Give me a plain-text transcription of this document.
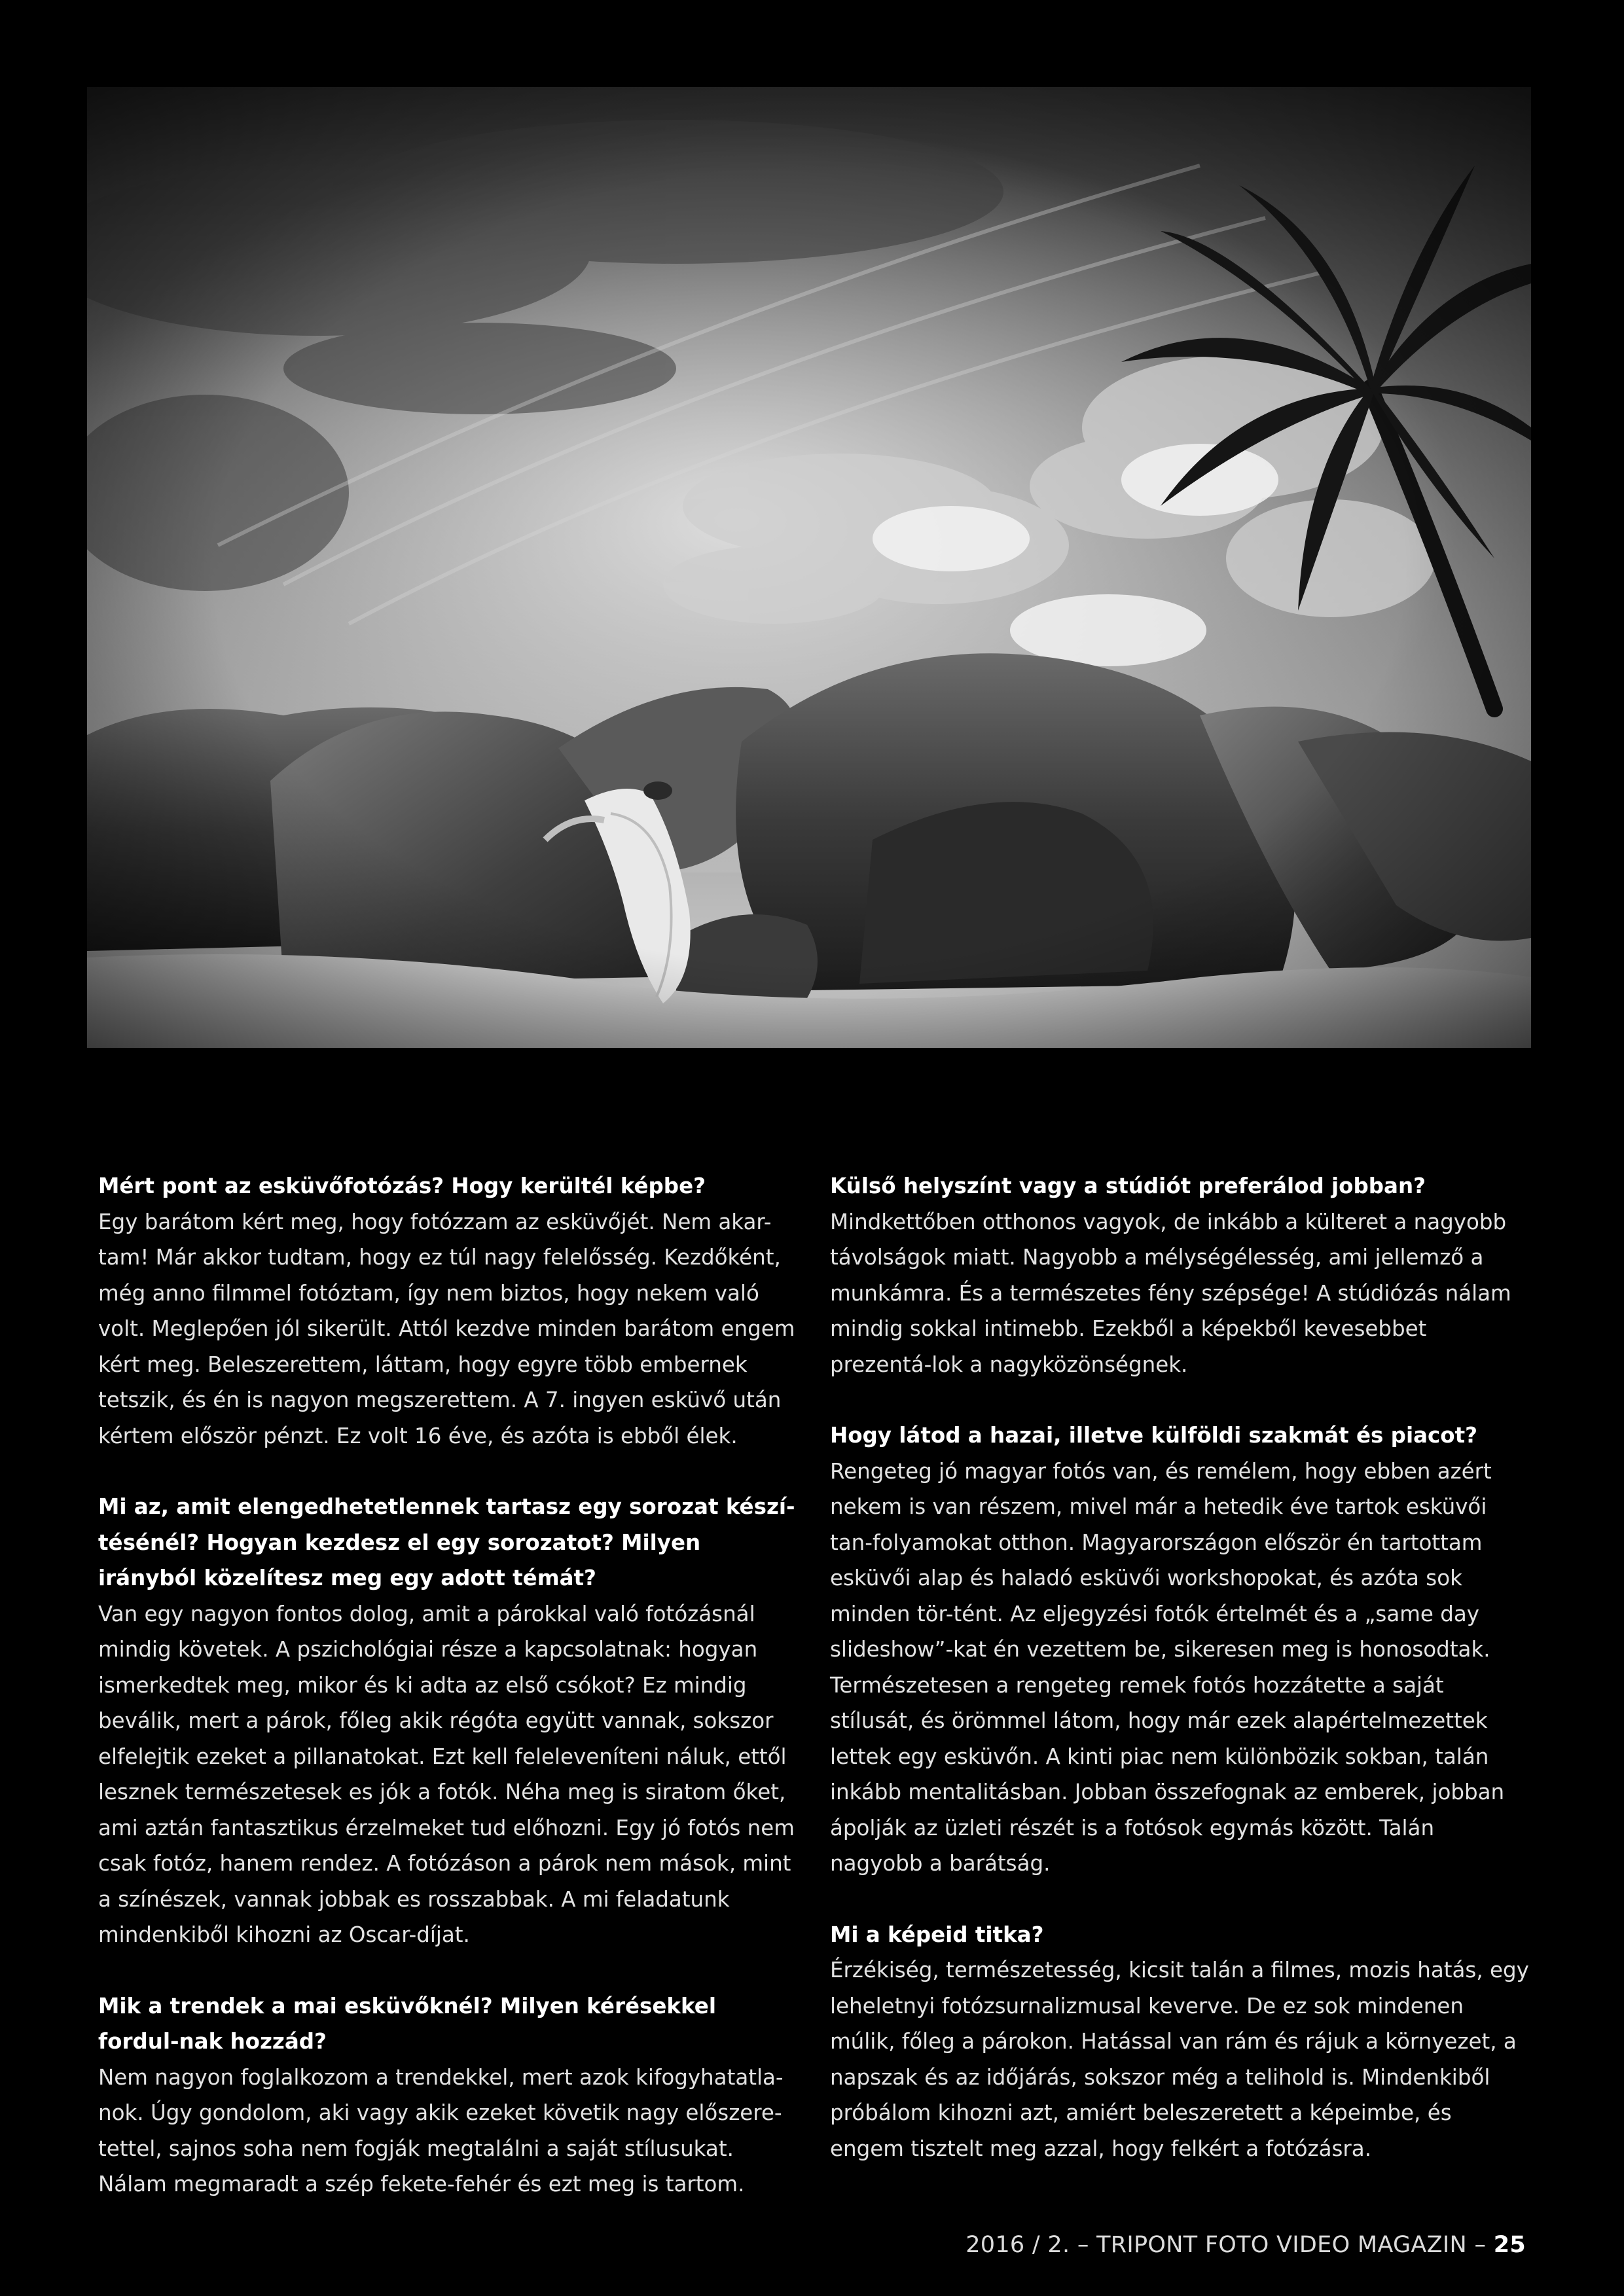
Mért pont az esküvőfotózás? Hogy kerültél képbe?

Egy barátom kért meg, hogy fotózzam az esküvőjét. Nem akar-tam! Már akkor tudtam, hogy ez túl nagy felelősség. Kezdőként, még anno filmmel fotóztam, így nem biztos, hogy nekem való volt. Meglepően jól sikerült. Attól kezdve minden barátom engem kért meg. Beleszerettem, láttam, hogy egyre több embernek tetszik, és én is nagyon megszerettem. A 7. ingyen esküvő után kértem először pénzt. Ez volt 16 éve, és azóta is ebből élek.

Mi az, amit elengedhetetlennek tartasz egy sorozat készí-tésénél? Hogyan kezdesz el egy sorozatot? Milyen irányból közelítesz meg egy adott témát?

Van egy nagyon fontos dolog, amit a párokkal való fotózásnál mindig követek. A pszichológiai része a kapcsolatnak: hogyan ismerkedtek meg, mikor és ki adta az első csókot? Ez mindig beválik, mert a párok, főleg akik régóta együtt vannak, sokszor elfelejtik ezeket a pillanatokat. Ezt kell feleleveníteni náluk, ettől lesznek természetesek es jók a fotók. Néha meg is siratom őket, ami aztán fantasztikus érzelmeket tud előhozni. Egy jó fotós nem csak fotóz, hanem rendez. A fotózáson a párok nem mások, mint a színészek, vannak jobbak es rosszabbak. A mi feladatunk mindenkiből kihozni az Oscar-díjat.

Mik a trendek a mai esküvőknél? Milyen kérésekkel fordul-nak hozzád?

Nem nagyon foglalkozom a trendekkel, mert azok kifogyhatatla-nok. Úgy gondolom, aki vagy akik ezeket követik nagy előszere-tettel, sajnos soha nem fogják megtalálni a saját stílusukat. Nálam megmaradt a szép fekete-fehér és ezt meg is tartom.

Külső helyszínt vagy a stúdiót preferálod jobban?

Mindkettőben otthonos vagyok, de inkább a külteret a nagyobb távolságok miatt. Nagyobb a mélységélesség, ami jellemző a munkámra. És a természetes fény szépsége! A stúdiózás nálam mindig sokkal intimebb. Ezekből a képekből kevesebbet prezentá-lok a nagyközönségnek.

Hogy látod a hazai, illetve külföldi szakmát és piacot?

Rengeteg jó magyar fotós van, és remélem, hogy ebben azért nekem is van részem, mivel már a hetedik éve tartok esküvői tan-folyamokat otthon. Magyarországon először én tartottam esküvői alap és haladó esküvői workshopokat, és azóta sok minden tör-tént. Az eljegyzési fotók értelmét és a „same day slideshow”-kat én vezettem be, sikeresen meg is honosodtak. Természetesen a rengeteg remek fotós hozzátette a saját stílusát, és örömmel látom, hogy már ezek alapértelmezettek lettek egy esküvőn. A kinti piac nem különbözik sokban, talán inkább mentalitásban. Jobban összefognak az emberek, jobban ápolják az üzleti részét is a fotósok egymás között. Talán nagyobb a barátság.

Mi a képeid titka?

Érzékiség, természetesség, kicsit talán a filmes, mozis hatás, egy leheletnyi fotózsurnalizmusal keverve. De ez sok mindenen múlik, főleg a párokon. Hatással van rám és rájuk a környezet, a napszak és az időjárás, sokszor még a telihold is. Mindenkiből próbálom kihozni azt, amiért beleszeretett a képeimbe, és engem tisztelt meg azzal, hogy felkért a fotózásra.

2016 / 2. – TRIPONT FOTO VIDEO MAGAZIN – 25
